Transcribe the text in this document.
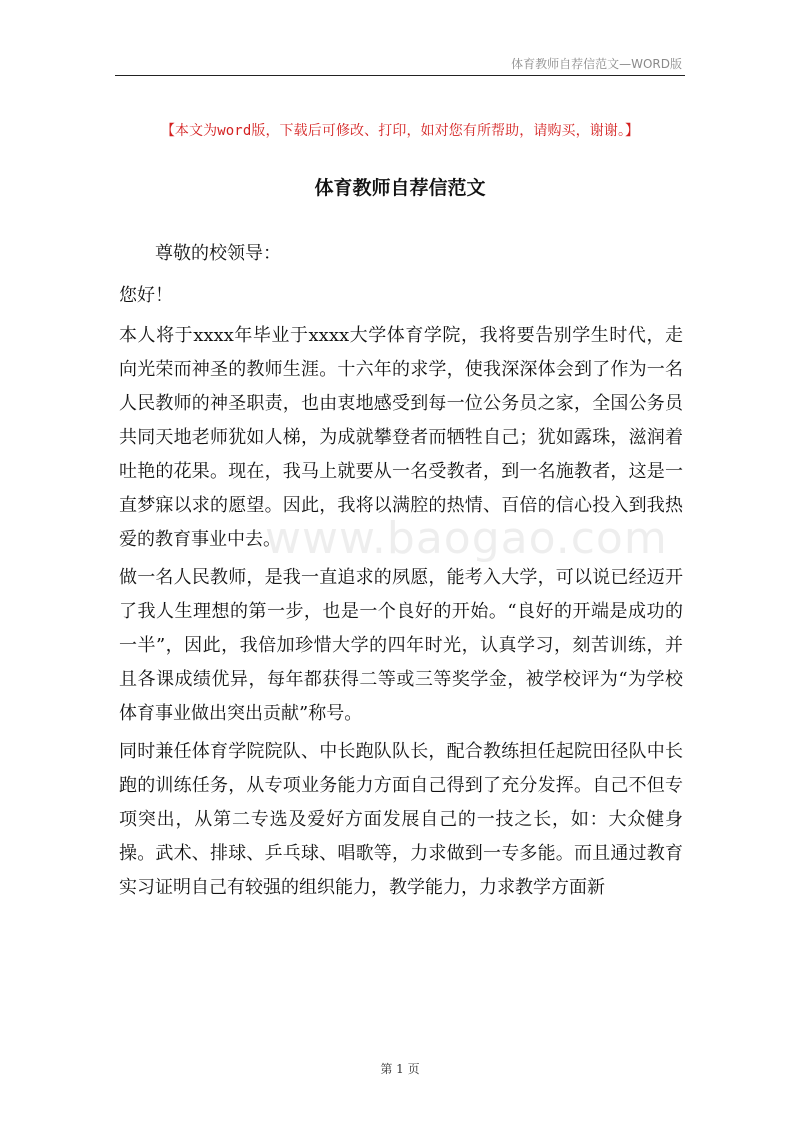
体育教师自荐信范文—WORD版
【本文为word版，下载后可修改、打印，如对您有所帮助，请购买，谢谢。】
体育教师自荐信范文

尊敬的校领导：

您好！

本人将于xxxx年毕业于xxxx大学体育学院，我将要告别学生时代，走向光荣而神圣的教师生涯。十六年的求学，使我深深体会到了作为一名人民教师的神圣职责，也由衷地感受到每一位公务员之家，全国公务员共同天地老师犹如人梯，为成就攀登者而牺牲自己；犹如露珠，滋润着吐艳的花果。现在，我马上就要从一名受教者，到一名施教者，这是一直梦寐以求的愿望。因此，我将以满腔的热情、百倍的信心投入到我热爱的教育事业中去。

做一名人民教师，是我一直追求的夙愿，能考入大学，可以说已经迈开了我人生理想的第一步，也是一个良好的开始。“良好的开端是成功的一半”，因此，我倍加珍惜大学的四年时光，认真学习，刻苦训练，并且各课成绩优异，每年都获得二等或三等奖学金，被学校评为“为学校体育事业做出突出贡献”称号。

同时兼任体育学院院队、中长跑队队长，配合教练担任起院田径队中长跑的训练任务，从专项业务能力方面自己得到了充分发挥。自己不但专项突出，从第二专选及爱好方面发展自己的一技之长，如：大众健身操。武术、排球、乒乓球、唱歌等，力求做到一专多能。而且通过教育实习证明自己有较强的组织能力，教学能力，力求教学方面新

www.baogao.com
第 1 页
